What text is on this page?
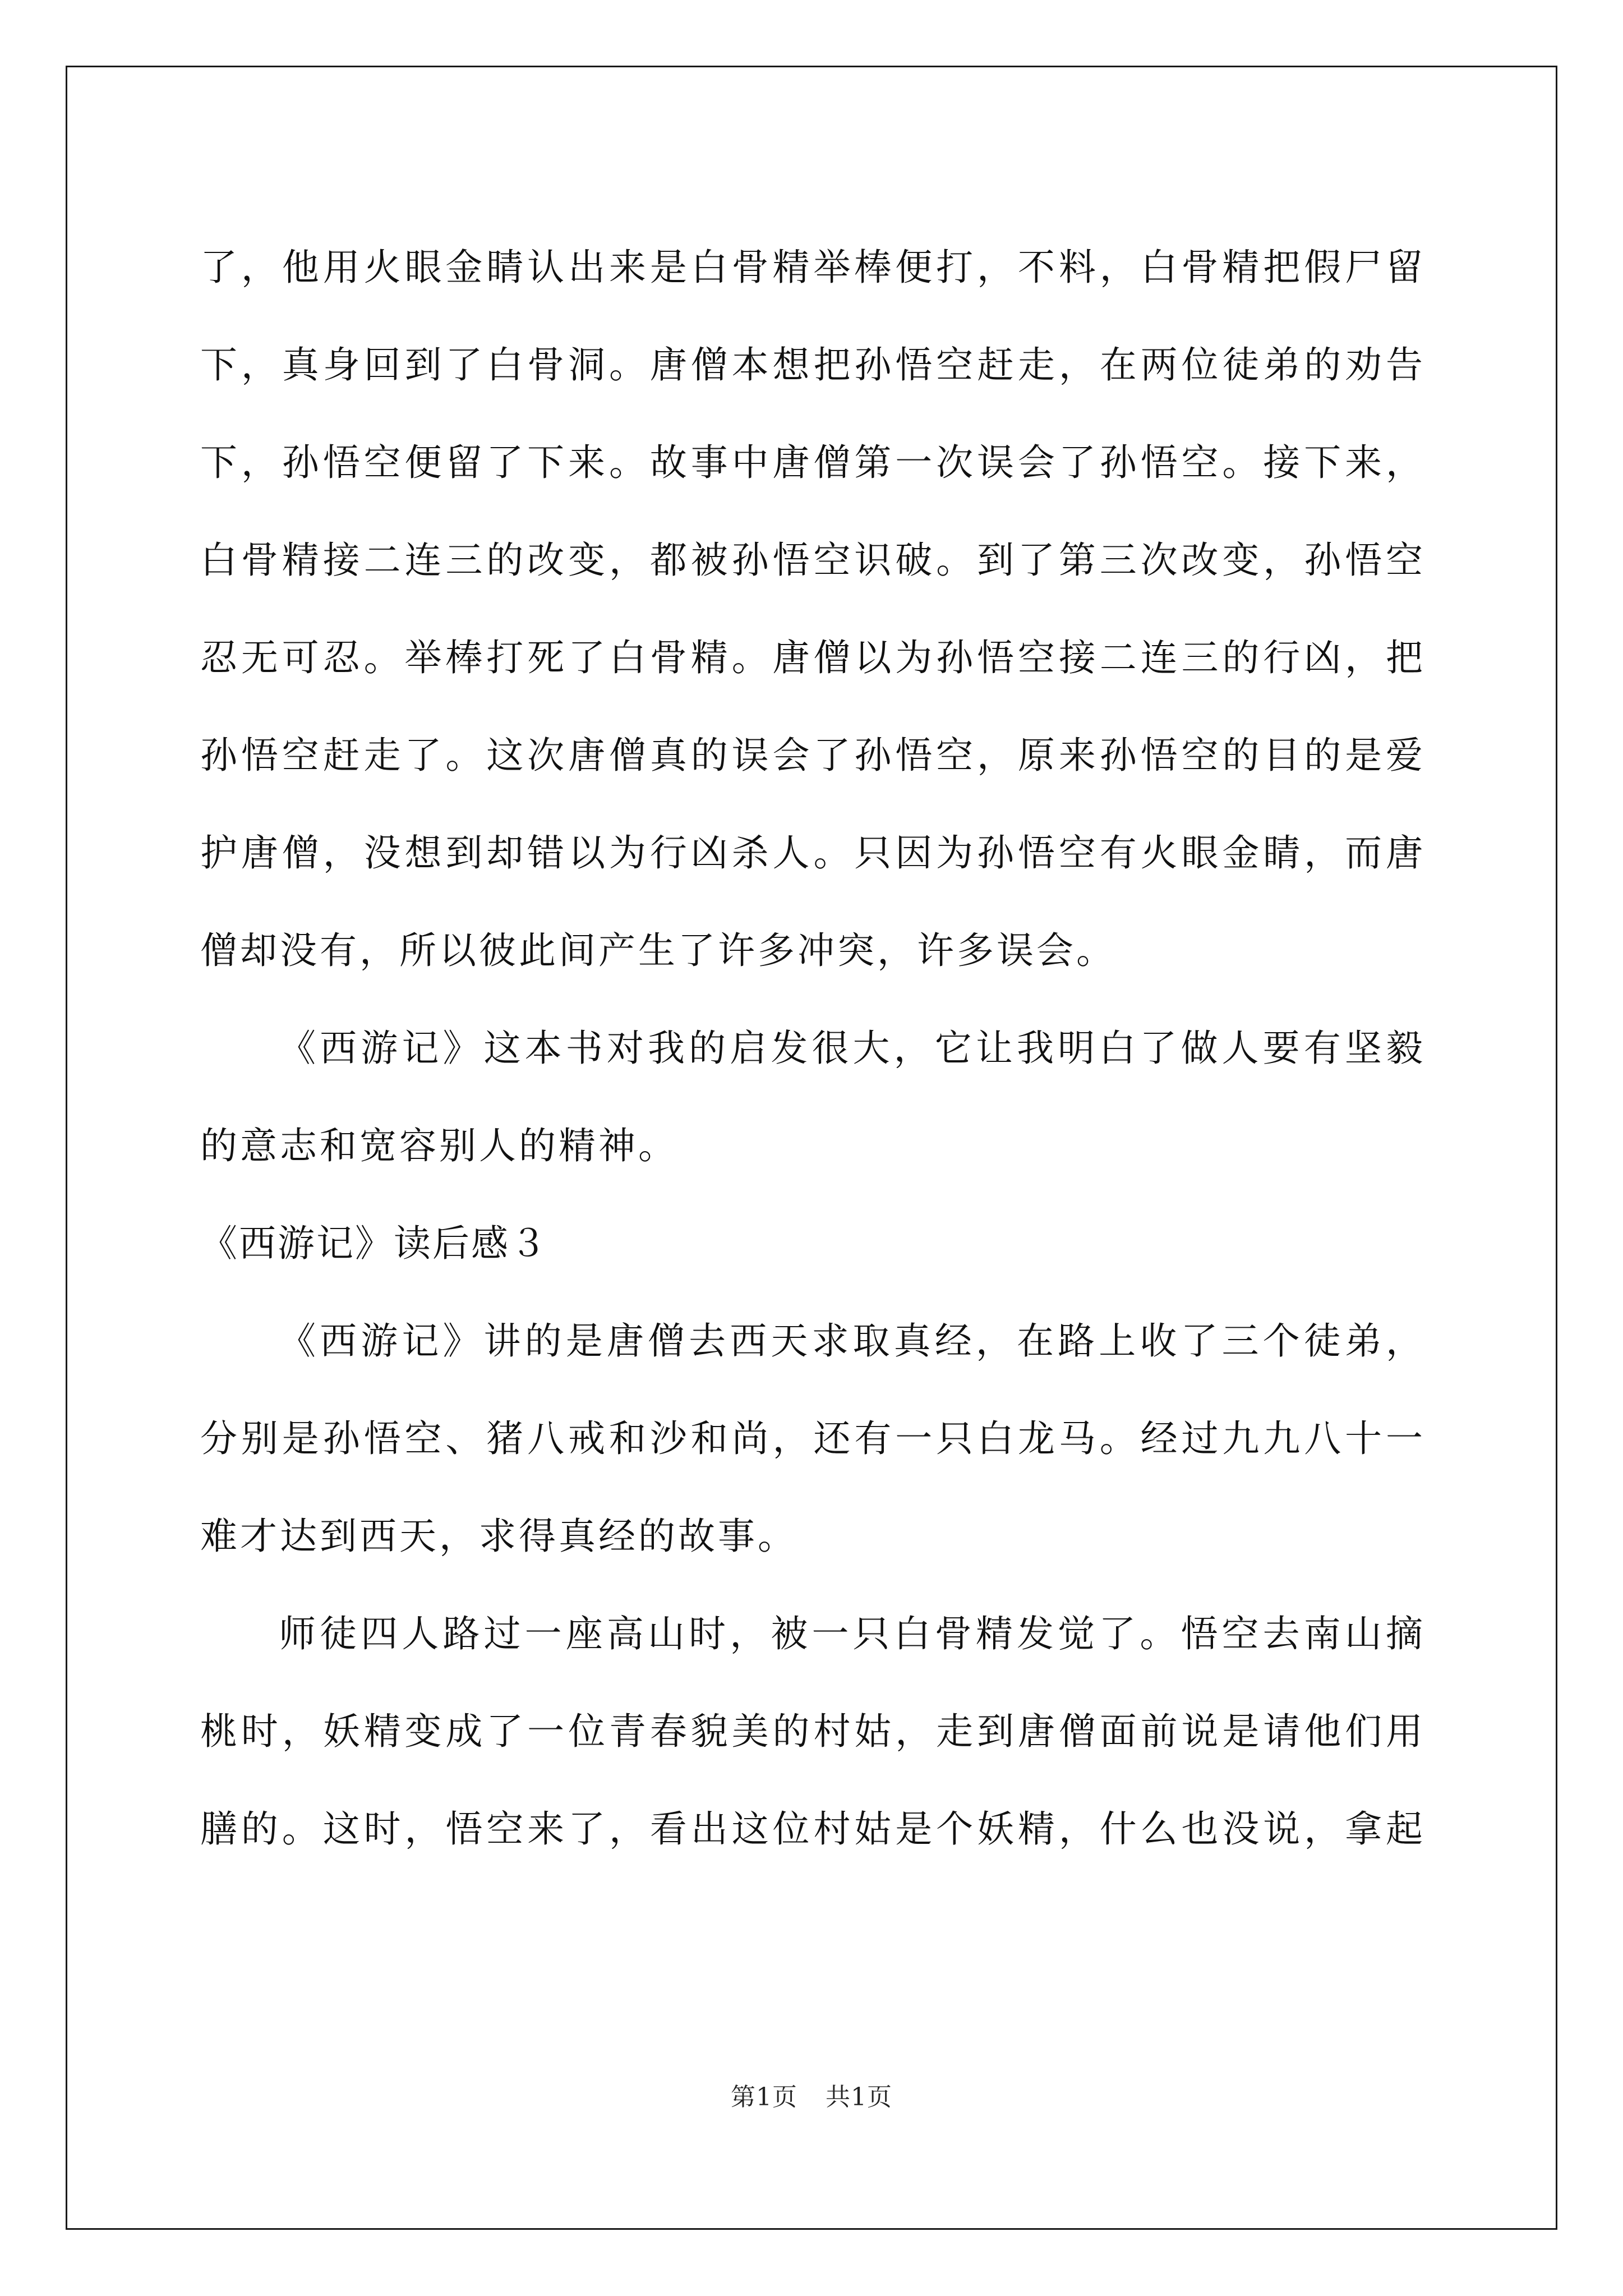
了，他用火眼金睛认出来是白骨精举棒便打，不料，白骨精把假尸留
下，真身回到了白骨洞。唐僧本想把孙悟空赶走，在两位徒弟的劝告
下，孙悟空便留了下来。故事中唐僧第一次误会了孙悟空。接下来，
白骨精接二连三的改变，都被孙悟空识破。到了第三次改变，孙悟空
忍无可忍。举棒打死了白骨精。唐僧以为孙悟空接二连三的行凶，把
孙悟空赶走了。这次唐僧真的误会了孙悟空，原来孙悟空的目的是爱
护唐僧，没想到却错以为行凶杀人。只因为孙悟空有火眼金睛，而唐
僧却没有，所以彼此间产生了许多冲突，许多误会。
《西游记》这本书对我的启发很大，它让我明白了做人要有坚毅
的意志和宽容别人的精神。
《西游记》读后感３
《西游记》讲的是唐僧去西天求取真经，在路上收了三个徒弟，
分别是孙悟空、猪八戒和沙和尚，还有一只白龙马。经过九九八十一
难才达到西天，求得真经的故事。
师徒四人路过一座高山时，被一只白骨精发觉了。悟空去南山摘
桃时，妖精变成了一位青春貌美的村姑，走到唐僧面前说是请他们用
膳的。这时，悟空来了，看出这位村姑是个妖精，什么也没说，拿起
第1页 共1页
